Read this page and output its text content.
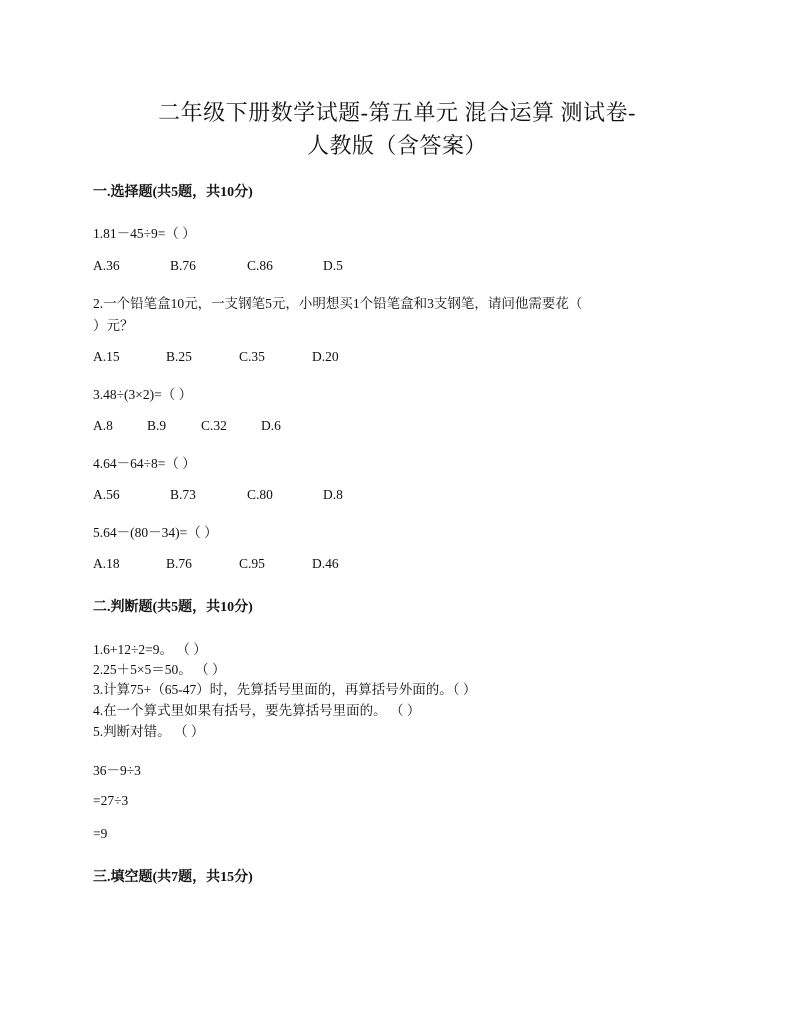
二年级下册数学试题-第五单元 混合运算 测试卷-
人教版（含答案）
一.选择题(共5题，共10分)
1.81－45÷9=（ ）
A.36	B.76	C.86	D.5
2.一个铅笔盒10元，一支钢笔5元，小明想买1个铅笔盒和3支钢笔，请问他需要花（
）元？
A.15	B.25	C.35	D.20
3.48÷(3×2)=（ ）
A.8	B.9	C.32	D.6
4.64－64÷8=（ ）
A.56	B.73	C.80	D.8
5.64－(80－34)=（ ）
A.18	B.76	C.95	D.46
二.判断题(共5题，共10分)
1.6+12÷2=9。 （ ）
2.25＋5×5＝50。 （ ）
3.计算75+（65-47）时，先算括号里面的，再算括号外面的。（ ）
4.在一个算式里如果有括号，要先算括号里面的。 （ ）
5.判断对错。 （ ）
36－9÷3
=27÷3
=9
三.填空题(共7题，共15分)
